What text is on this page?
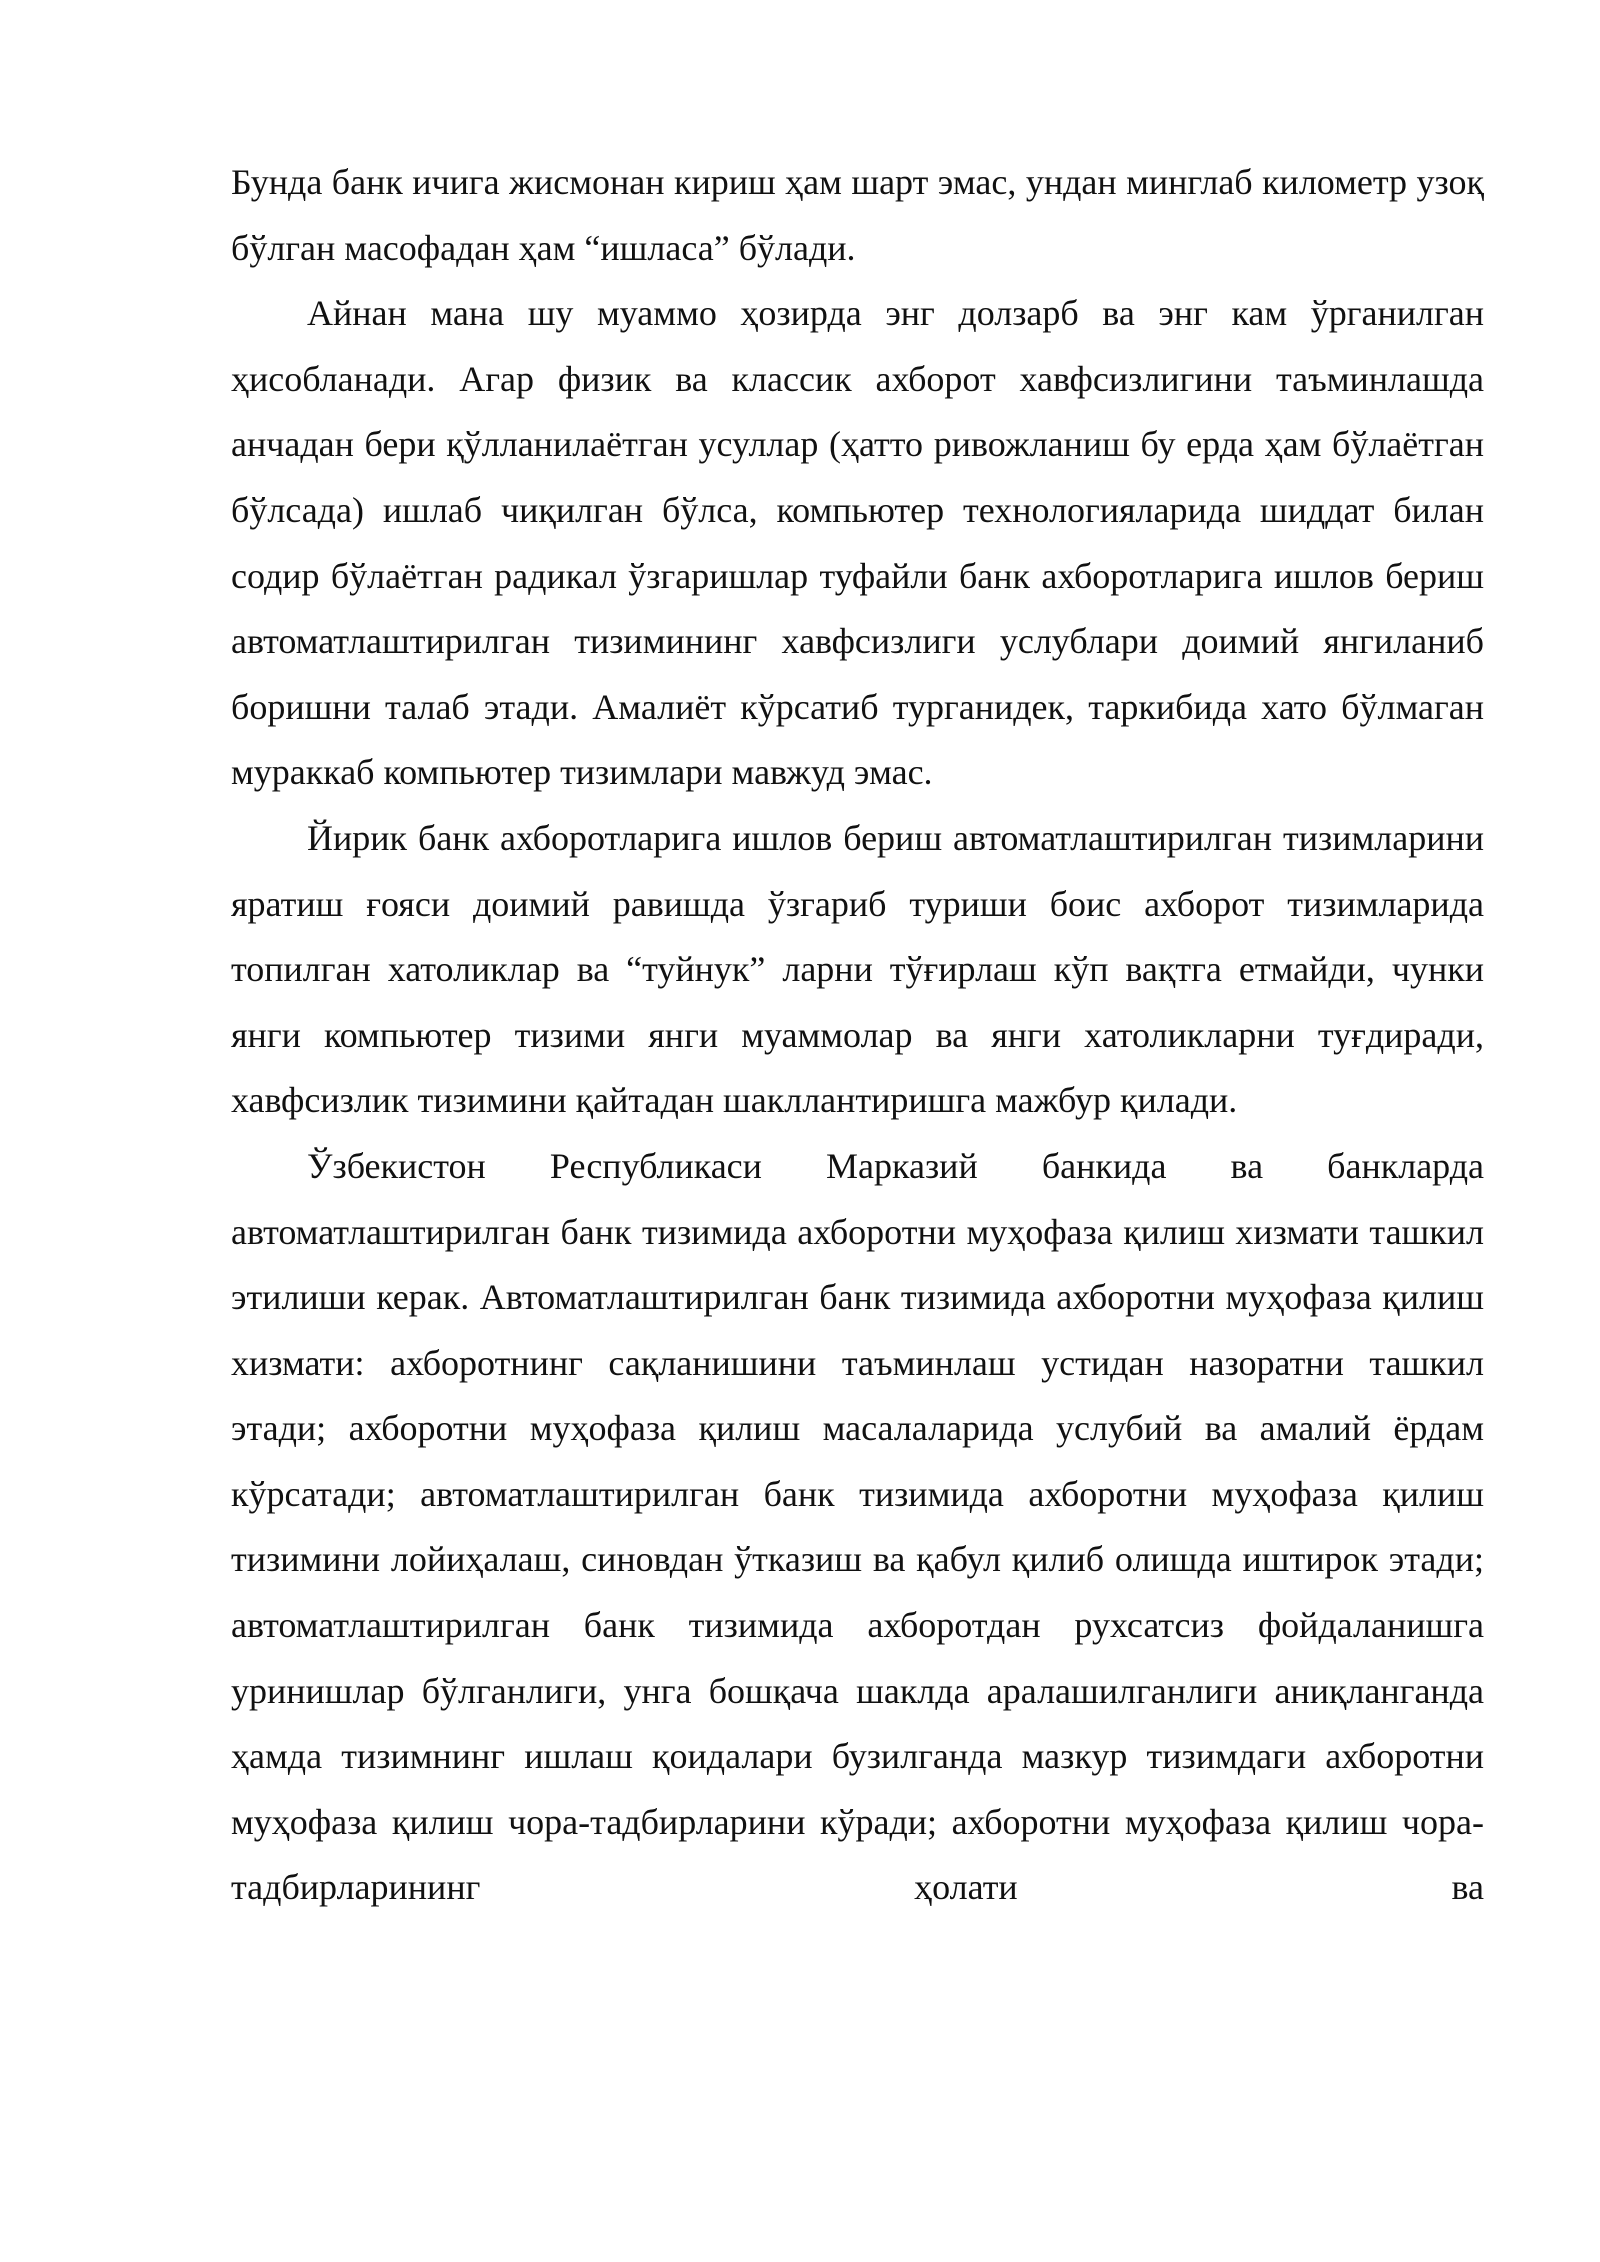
Бунда банк ичига жисмонан кириш ҳам шарт эмас, ундан минглаб километр узоқ бўлган масофадан ҳам “ишласа” бўлади.

Айнан мана шу муаммо ҳозирда энг долзарб ва энг кам ўрганилган ҳисобланади. Агар физик ва классик ахборот хавфсизлигини таъминлашда анчадан бери қўлланилаётган усуллар (ҳатто ривожланиш бу ерда ҳам бўлаётган бўлсада) ишлаб чиқилган бўлса, компьютер технологияларида шиддат билан содир бўлаётган радикал ўзгаришлар туфайли банк ахборотларига ишлов бериш автоматлаштирилган тизимининг хавфсизлиги услублари доимий янгиланиб боришни талаб этади. Амалиёт кўрсатиб турганидек, таркибида хато бўлмаган мураккаб компьютер тизимлари мавжуд эмас.

Йирик банк ахборотларига ишлов бериш автоматлаштирилган тизимларини яратиш ғояси доимий равишда ўзгариб туриши боис ахборот тизимларида топилган хатоликлар ва “туйнук” ларни тўғирлаш кўп вақтга етмайди, чунки янги компьютер тизими янги муаммолар ва янги хатоликларни туғдиради, хавфсизлик тизимини қайтадан шакллантиришга мажбур қилади.

Ўзбекистон Республикаси Марказий банкида ва банкларда автоматлаштирилган банк тизимида ахборотни муҳофаза қилиш хизмати ташкил этилиши керак. Автоматлаштирилган банк тизимида ахборотни муҳофаза қилиш хизмати: ахборотнинг сақланишини таъминлаш устидан назоратни ташкил этади; ахборотни муҳофаза қилиш масалаларида услубий ва амалий ёрдам кўрсатади; автоматлаштирилган банк тизимида ахборотни муҳофаза қилиш тизимини лойиҳалаш, синовдан ўтказиш ва қабул қилиб олишда иштирок этади; автоматлаштирилган банк тизимида ахборотдан рухсатсиз фойдаланишга уринишлар бўлганлиги, унга бошқача шаклда аралашилганлиги аниқланганда ҳамда тизимнинг ишлаш қоидалари бузилганда мазкур тизимдаги ахборотни муҳофаза қилиш чора-тадбирларини кўради; ахборотни муҳофаза қилиш чора-тадбирларининг ҳолати ва
